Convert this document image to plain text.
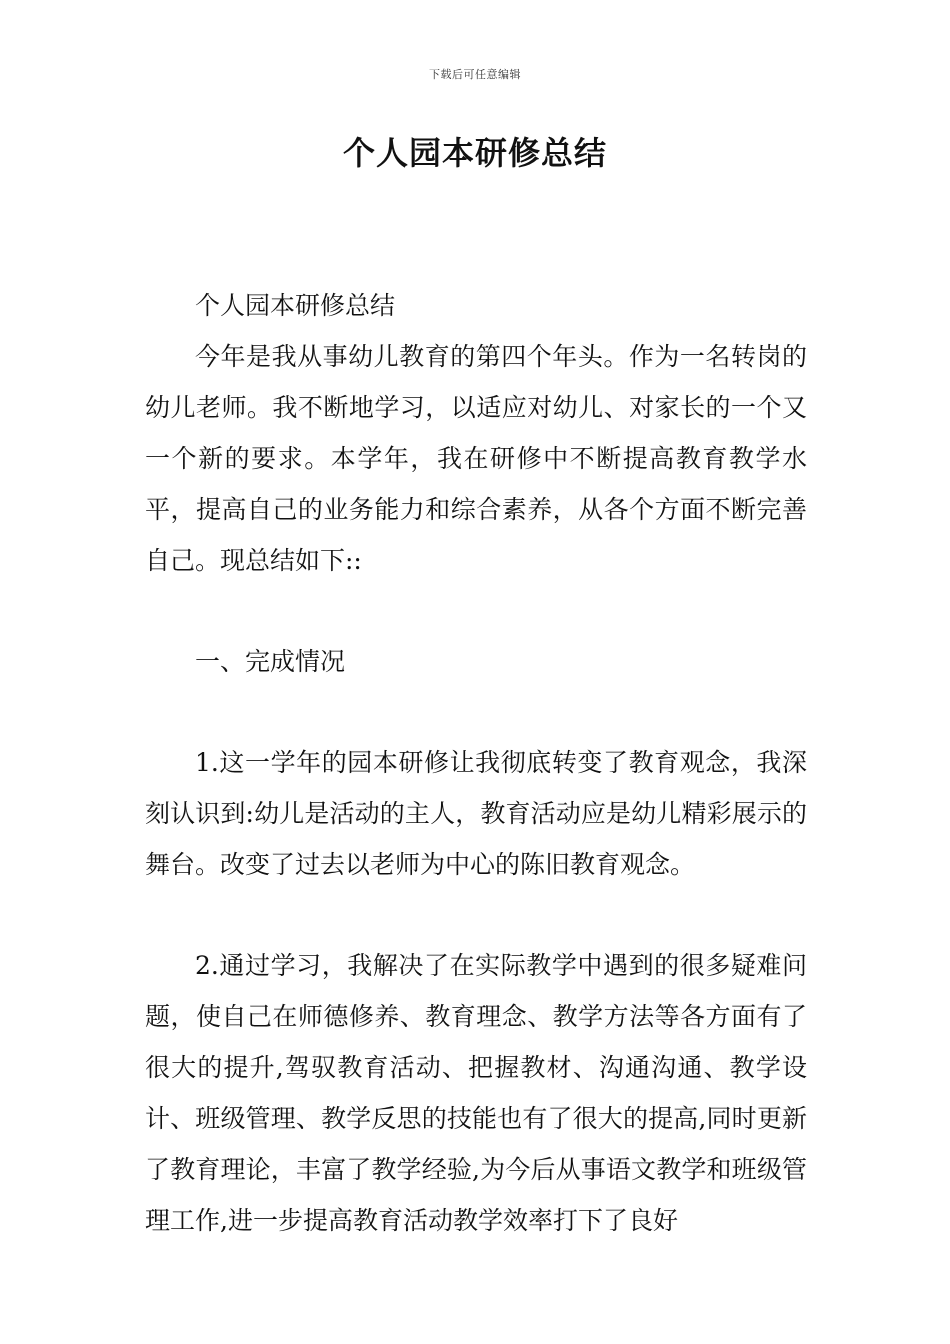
下载后可任意编辑
个人园本研修总结

个人园本研修总结

今年是我从事幼儿教育的第四个年头。作为一名转岗的幼儿老师。我不断地学习，以适应对幼儿、对家长的一个又一个新的要求。本学年，我在研修中不断提高教育教学水平，提高自己的业务能力和综合素养，从各个方面不断完善自己。现总结如下::

一、完成情况

1.这一学年的园本研修让我彻底转变了教育观念，我深刻认识到:幼儿是活动的主人，教育活动应是幼儿精彩展示的舞台。改变了过去以老师为中心的陈旧教育观念。

2.通过学习，我解决了在实际教学中遇到的很多疑难问题，使自己在师德修养、教育理念、教学方法等各方面有了很大的提升,驾驭教育活动、把握教材、沟通沟通、教学设计、班级管理、教学反思的技能也有了很大的提高,同时更新了教育理论，丰富了教学经验,为今后从事语文教学和班级管理工作,进一步提高教育活动教学效率打下了良好
